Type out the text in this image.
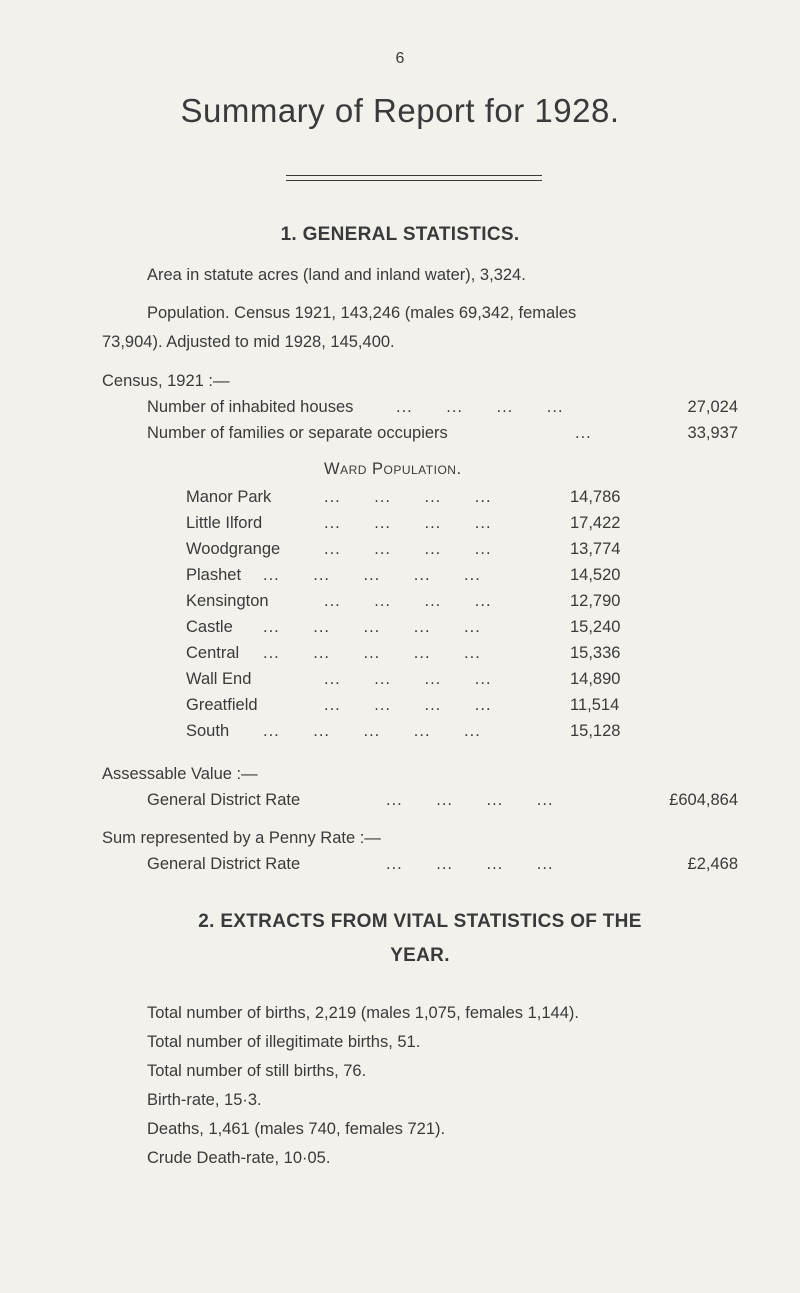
6
Summary of Report for 1928.
1. GENERAL STATISTICS.
Area in statute acres (land and inland water), 3,324.
Population. Census 1921, 143,246 (males 69,342, females
73,904). Adjusted to mid 1928, 145,400.
Census, 1921 :—
Number of inhabited houses	...      ...      ...      ...	27,024
Number of families or separate occupiers	...	33,937
Ward Population.
Manor Park	...      ...      ...      ...	14,786
Little Ilford	...      ...      ...      ...	17,422
Woodgrange	...      ...      ...      ...	13,774
Plashet ...      ...      ...      ...      ...	14,520
Kensington	...      ...      ...      ...	12,790
Castle ...      ...      ...      ...      ...	15,240
Central ...      ...      ...      ...      ...	15,336
Wall End	...      ...      ...      ...	14,890
Greatfield	...      ...      ...      ...	11,514
South ...      ...      ...      ...      ...	15,128
Assessable Value :—
General District Rate	...      ...      ...      ...	£604,864
Sum represented by a Penny Rate :—
General District Rate	...      ...      ...      ...	£2,468
2. EXTRACTS FROM VITAL STATISTICS OF THE
YEAR.
Total number of births, 2,219 (males 1,075, females 1,144).
Total number of illegitimate births, 51.
Total number of still births, 76.
Birth-rate, 15·3.
Deaths, 1,461 (males 740, females 721).
Crude Death-rate, 10·05.
